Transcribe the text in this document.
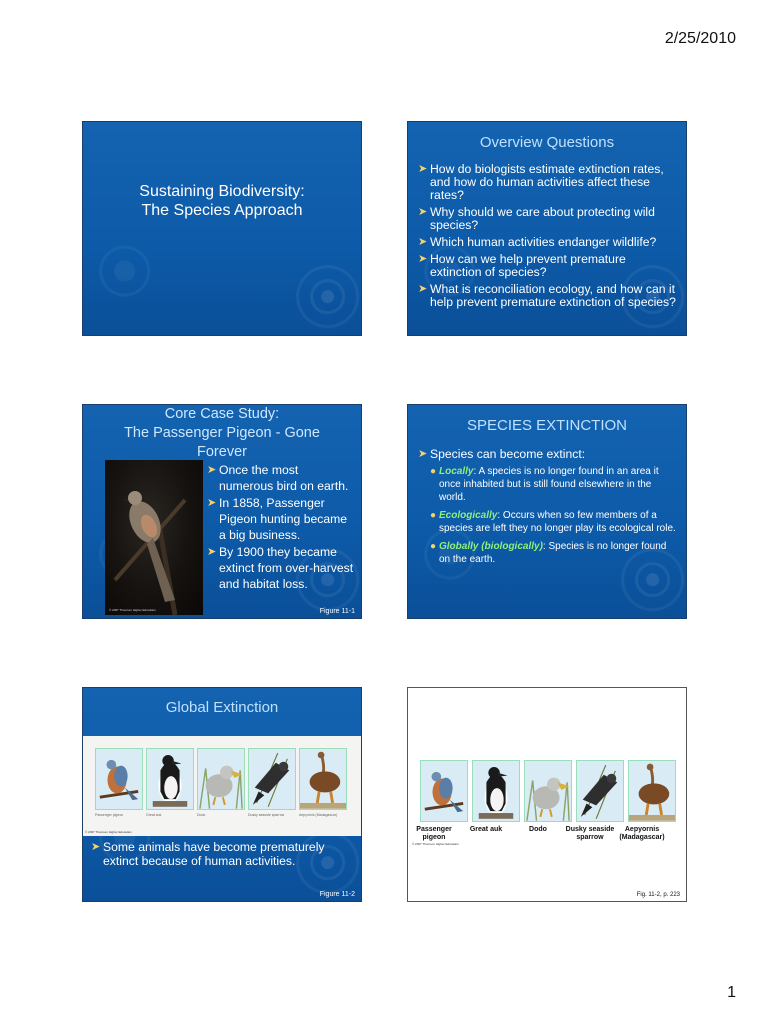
2/25/2010
Sustaining Biodiversity:
The Species Approach
Overview Questions
➤ How do biologists estimate extinction rates, and how do human activities affect these rates?
➤ Why should we care about protecting wild species?
➤ Which human activities endanger wildlife?
➤ How can we help prevent premature extinction of species?
➤ What is reconciliation ecology, and how can it help prevent premature extinction of species?
Core Case Study:
The Passenger Pigeon - Gone
Forever
© 2007 Thomson Higher Education
➤ Once the most numerous bird on earth.
➤ In 1858, Passenger Pigeon hunting became a big business.
➤ By 1900 they became extinct from over-harvest and habitat loss.
Figure 11-1
SPECIES EXTINCTION
➤ Species can become extinct:
● Locally: A species is no longer found in an area it once inhabited but is still found elsewhere in the world.
● Ecologically: Occurs when so few members of a species are left they no longer play its ecological role.
● Globally (biologically): Species is no longer found on the earth.
Global Extinction
Passenger pigeon	Great auk	Dodo	Dusky seaside sparrow	Aepyornis (Madagascar)
© 2007 Thomson Higher Education
➤ Some animals have become prematurely extinct because of human activities.
Figure 11-2
Passenger pigeon
Great auk	Dodo	Dusky seaside sparrow
Aepyornis (Madagascar)
© 2007 Thomson Higher Education
Fig. 11-2, p. 223
1
